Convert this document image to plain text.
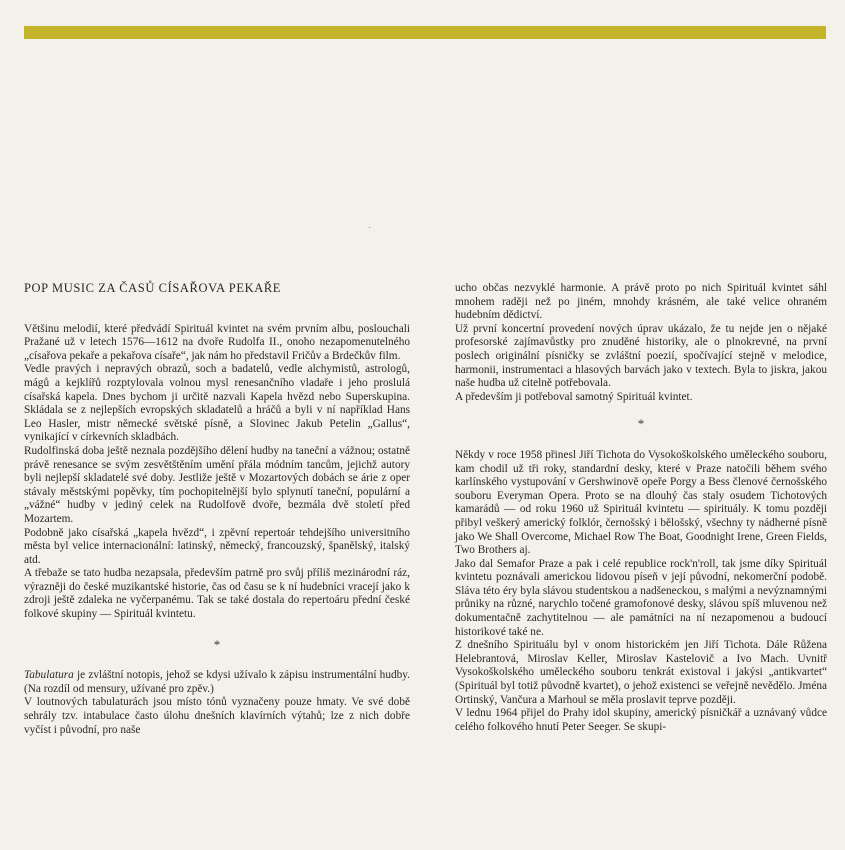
·
POP MUSIC ZA ČASŮ CÍSAŘOVA PEKAŘE

Většinu melodií, které předvádí Spirituál kvintet na svém prvním albu, poslouchali Pražané už v letech 1576—1612 na dvoře Rudolfa II., onoho nezapomenutelného „císařova pekaře a pekařova císaře“, jak nám ho představil Fričův a Brdečkův film.

Vedle pravých i nepravých obrazů, soch a badatelů, vedle alchymistů, astrologů, mágů a kejklířů rozptylovala volnou mysl renesančního vladaře i jeho proslulá císařská kapela. Dnes bychom ji určitě nazvali Kapela hvězd nebo Superskupina. Skládala se z nejlepších evropských skladatelů a hráčů a byli v ní například Hans Leo Hasler, mistr německé světské písně, a Slovinec Jakub Petelin „Gallus“, vynikající v církevních skladbách.

Rudolfinská doba ještě neznala pozdějšího dělení hudby na taneční a vážnou; ostatně právě renesance se svým zesvětštěním umění přála módním tancům, jejichž autory byli nejlepší skladatelé své doby. Jestliže ještě v Mozartových dobách se árie z oper stávaly městskými popěvky, tím pochopitelnější bylo splynutí taneční, populární a „vážné“ hudby v jediný celek na Rudolfově dvoře, bezmála dvě století před Mozartem.

Podobně jako císařská „kapela hvězd“, i zpěvní repertoár tehdejšího universitního města byl velice internacionální: latinský, německý, francouzský, španělský, italský atd.

A třebaže se tato hudba nezapsala, především patrně pro svůj příliš mezinárodní ráz, výrazněji do české muzikantské historie, čas od času se k ní hudebníci vracejí jako k zdroji ještě zdaleka ne vyčerpanému. Tak se také dostala do repertoáru přední české folkové skupiny — Spirituál kvintetu.

*

Tabulatura je zvláštní notopis, jehož se kdysi užívalo k zápisu instrumentální hudby. (Na rozdíl od mensury, užívané pro zpěv.)

V loutnových tabulaturách jsou místo tónů vyznačeny pouze hmaty. Ve své době sehrály tzv. intabulace často úlohu dnešních klavírních výtahů; lze z nich dobře vyčíst i původní, pro naše

ucho občas nezvyklé harmonie. A právě proto po nich Spirituál kvintet sáhl mnohem raději než po jiném, mnohdy krásném, ale také velice ohraném hudebním dědictví.

Už první koncertní provedení nových úprav ukázalo, že tu nejde jen o nějaké profesorské zajímavůstky pro znuděné historiky, ale o plnokrevné, na první poslech originální písničky se zvláštní poezií, spočívající stejně v melodice, harmonii, instrumentaci a hlasových barvách jako v textech. Byla to jiskra, jakou naše hudba už citelně potřebovala.

A především ji potřeboval samotný Spirituál kvintet.

*

Někdy v roce 1958 přinesl Jiří Tichota do Vysokoškolského uměleckého souboru, kam chodil už tři roky, standardní desky, které v Praze natočili během svého karlínského vystupování v Gershwinově opeře Porgy a Bess členové černošského souboru Everyman Opera. Proto se na dlouhý čas staly osudem Tichotových kamarádů — od roku 1960 už Spirituál kvintetu — spirituály. K tomu později přibyl veškerý americký folklór, černošský i bělošský, všechny ty nádherné písně jako We Shall Overcome, Michael Row The Boat, Goodnight Irene, Green Fields, Two Brothers aj.

Jako dal Semafor Praze a pak i celé republice rock'n'roll, tak jsme díky Spirituál kvintetu poznávali americkou lidovou píseň v její původní, nekomerční podobě. Sláva této éry byla slávou studentskou a nadšeneckou, s malými a nevýznamnými průniky na různé, narychlo točené gramofonové desky, slávou spíš mluvenou než dokumentačně zachytitelnou — ale památníci na ní nezapomenou a budoucí historikové také ne.

Z dnešního Spirituálu byl v onom historickém jen Jiří Tichota. Dále Růžena Helebrantová, Miroslav Keller, Miroslav Kastelovič a Ivo Mach. Uvnitř Vysokoškolského uměleckého souboru tenkrát existoval i jakýsi „antikvartet“ (Spirituál byl totiž původně kvartet), o jehož existenci se veřejně nevědělo. Jména Ortinský, Vančura a Marhoul se měla proslavit teprve později.

V lednu 1964 přijel do Prahy idol skupiny, americký písničkář a uznávaný vůdce celého folkového hnutí Peter Seeger. Se skupi-
